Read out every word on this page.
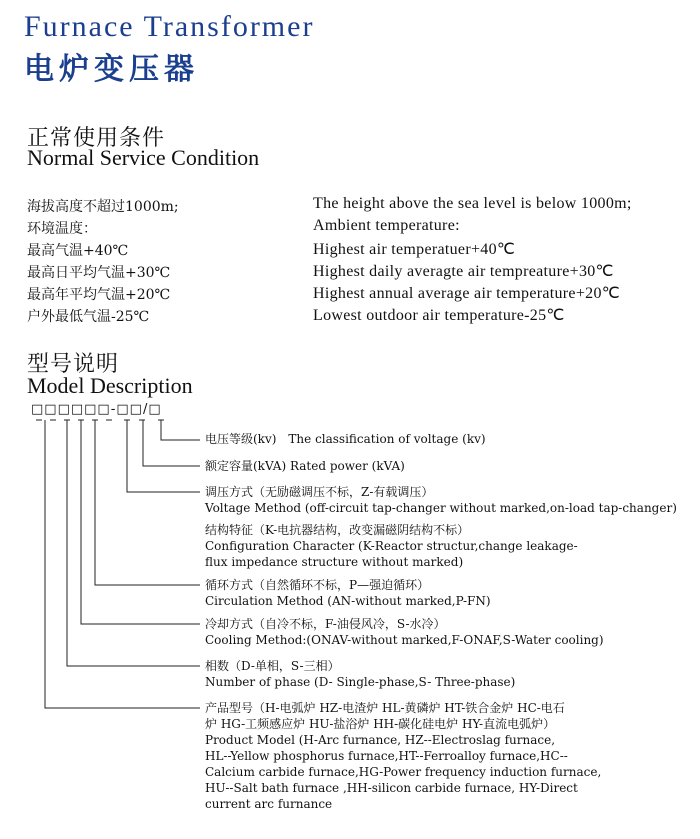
Furnace Transformer
电炉变压器
正常使用条件
Normal Service Condition
海拔高度不超过1000m;	The height above the sea level is below 1000m;
环境温度：	Ambient temperature:
最高气温+40℃	Highest air temperatuer+40℃
最高日平均气温+30℃	Highest daily averagte air tempreature+30℃
最高年平均气温+20℃	Highest annual average air temperature+20℃
户外最低气温-25℃	Lowest outdoor air temperature-25℃
型号说明
Model Description
□□□□□□-□□/□
电压等级(kv)　The classification of voltage (kv)
额定容量(kVA) Rated power (kVA)
调压方式（无励磁调压不标，Z-有载调压）
Voltage Method (off-circuit tap-changer without marked,on-load tap-changer)
结构特征（K-电抗器结构，改变漏磁阴结构不标）
Configuration Character (K-Reactor structur,change leakage-
flux impedance structure without marked)
循环方式（自然循环不标，P—强迫循环）
Circulation Method (AN-without marked,P-FN)
冷却方式（自冷不标，F-油侵风冷，S-水冷）
Cooling Method:(ONAV-without marked,F-ONAF,S-Water cooling)
相数（D-单相，S-三相）
Number of phase (D- Single-phase,S- Three-phase)
产品型号（H-电弧炉 HZ-电渣炉 HL-黄磷炉 HT-铁合金炉 HC-电石
炉 HG-工频感应炉 HU-盐浴炉 HH-碳化硅电炉 HY-直流电弧炉）
Product Model (H-Arc furnance, HZ--Electroslag furnace,
HL--Yellow phosphorus furnace,HT--Ferroalloy furnace,HC--
Calcium carbide furnace,HG-Power frequency induction furnace,
HU--Salt bath furnace ,HH-silicon carbide furnace, HY-Direct
current arc furnance
